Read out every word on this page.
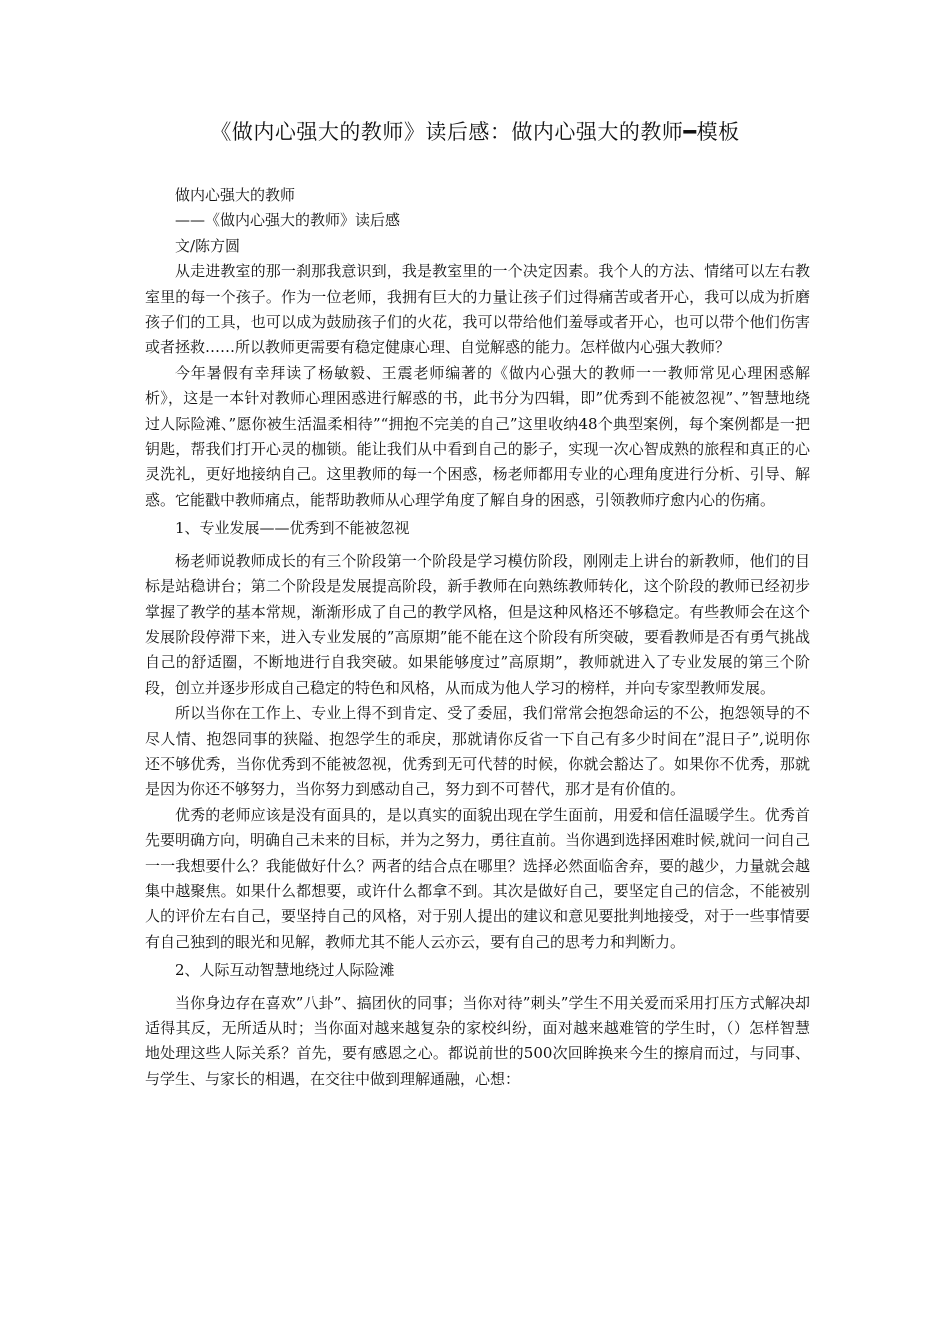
《做内心强大的教师》读后感：做内心强大的教师━模板

做内心强大的教师

——《做内心强大的教师》读后感

文/陈方圆

从走进教室的那一刹那我意识到，我是教室里的一个决定因素。我个人的方法、情绪可以左右教室里的每一个孩子。作为一位老师，我拥有巨大的力量让孩子们过得痛苦或者开心，我可以成为折磨孩子们的工具，也可以成为鼓励孩子们的火花，我可以带给他们羞辱或者开心，也可以带个他们伤害或者拯救……所以教师更需要有稳定健康心理、自觉解惑的能力。怎样做内心强大教师？

今年暑假有幸拜读了杨敏毅、王震老师编著的《做内心强大的教师一一教师常见心理困惑解析》，这是一本针对教师心理困惑进行解惑的书，此书分为四辑，即”优秀到不能被忽视”、”智慧地绕过人际险滩、”愿你被生活温柔相待”“拥抱不完美的自己”这里收纳48个典型案例，每个案例都是一把钥匙，帮我们打开心灵的枷锁。能让我们从中看到自己的影子，实现一次心智成熟的旅程和真正的心灵洗礼，更好地接纳自己。这里教师的每一个困惑，杨老师都用专业的心理角度进行分析、引导、解惑。它能戳中教师痛点，能帮助教师从心理学角度了解自身的困惑，引领教师疗愈内心的伤痛。

1、专业发展——优秀到不能被忽视

杨老师说教师成长的有三个阶段第一个阶段是学习模仿阶段，刚刚走上讲台的新教师，他们的目标是站稳讲台；第二个阶段是发展提高阶段，新手教师在向熟练教师转化，这个阶段的教师已经初步掌握了教学的基本常规，渐渐形成了自己的教学风格，但是这种风格还不够稳定。有些教师会在这个发展阶段停滞下来，进入专业发展的”高原期”能不能在这个阶段有所突破，要看教师是否有勇气挑战自己的舒适圈，不断地进行自我突破。如果能够度过”高原期”，教师就进入了专业发展的第三个阶段，创立并逐步形成自己稳定的特色和风格，从而成为他人学习的榜样，并向专家型教师发展。

所以当你在工作上、专业上得不到肯定、受了委屈，我们常常会抱怨命运的不公，抱怨领导的不尽人情、抱怨同事的狭隘、抱怨学生的乖戾，那就请你反省一下自己有多少时间在”混日子”,说明你还不够优秀，当你优秀到不能被忽视，优秀到无可代替的时候，你就会豁达了。如果你不优秀，那就是因为你还不够努力，当你努力到感动自己，努力到不可替代，那才是有价值的。

优秀的老师应该是没有面具的，是以真实的面貌出现在学生面前，用爱和信任温暖学生。优秀首先要明确方向，明确自己未来的目标，并为之努力，勇往直前。当你遇到选择困难时候,就问一问自己一一我想要什么？我能做好什么？两者的结合点在哪里？选择必然面临舍弃，要的越少，力量就会越集中越聚焦。如果什么都想要，或许什么都拿不到。其次是做好自己，要坚定自己的信念，不能被别人的评价左右自己，要坚持自己的风格，对于别人提出的建议和意见要批判地接受，对于一些事情要有自己独到的眼光和见解，教师尤其不能人云亦云，要有自己的思考力和判断力。

2、人际互动智慧地绕过人际险滩

当你身边存在喜欢”八卦”、搞团伙的同事；当你对待”刺头”学生不用关爱而采用打压方式解决却适得其反，无所适从时；当你面对越来越复杂的家校纠纷，面对越来越难管的学生时，（）怎样智慧地处理这些人际关系？首先，要有感恩之心。都说前世的500次回眸换来今生的擦肩而过，与同事、与学生、与家长的相遇，在交往中做到理解通融，心想：
